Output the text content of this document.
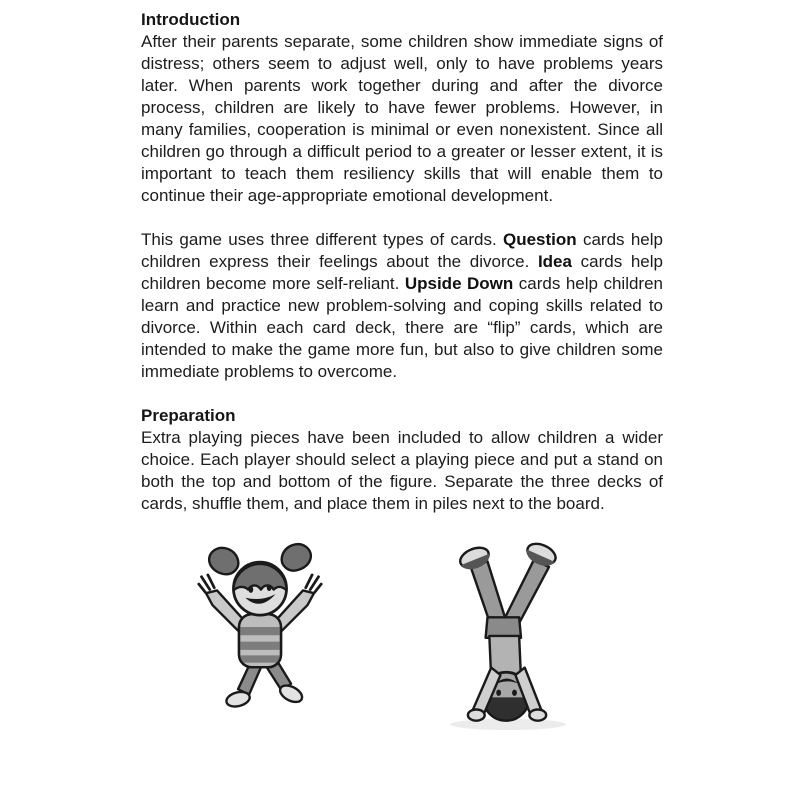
Introduction

After their parents separate, some children show immediate signs of distress; others seem to adjust well, only to have problems years later. When parents work together during and after the divorce process, children are likely to have fewer problems. However, in many families, cooperation is minimal or even nonexistent. Since all children go through a difficult period to a greater or lesser extent, it is important to teach them resiliency skills that will enable them to continue their age-appropriate emotional development.

This game uses three different types of cards. Question cards help children express their feelings about the divorce. Idea cards help children become more self-reliant. Upside Down cards help children learn and practice new problem-solving and coping skills related to divorce. Within each card deck, there are “flip” cards, which are intended to make the game more fun, but also to give children some immediate problems to overcome.

Preparation

Extra playing pieces have been included to allow children a wider choice. Each player should select a playing piece and put a stand on both the top and bottom of the figure. Separate the three decks of cards, shuffle them, and place them in piles next to the board.
